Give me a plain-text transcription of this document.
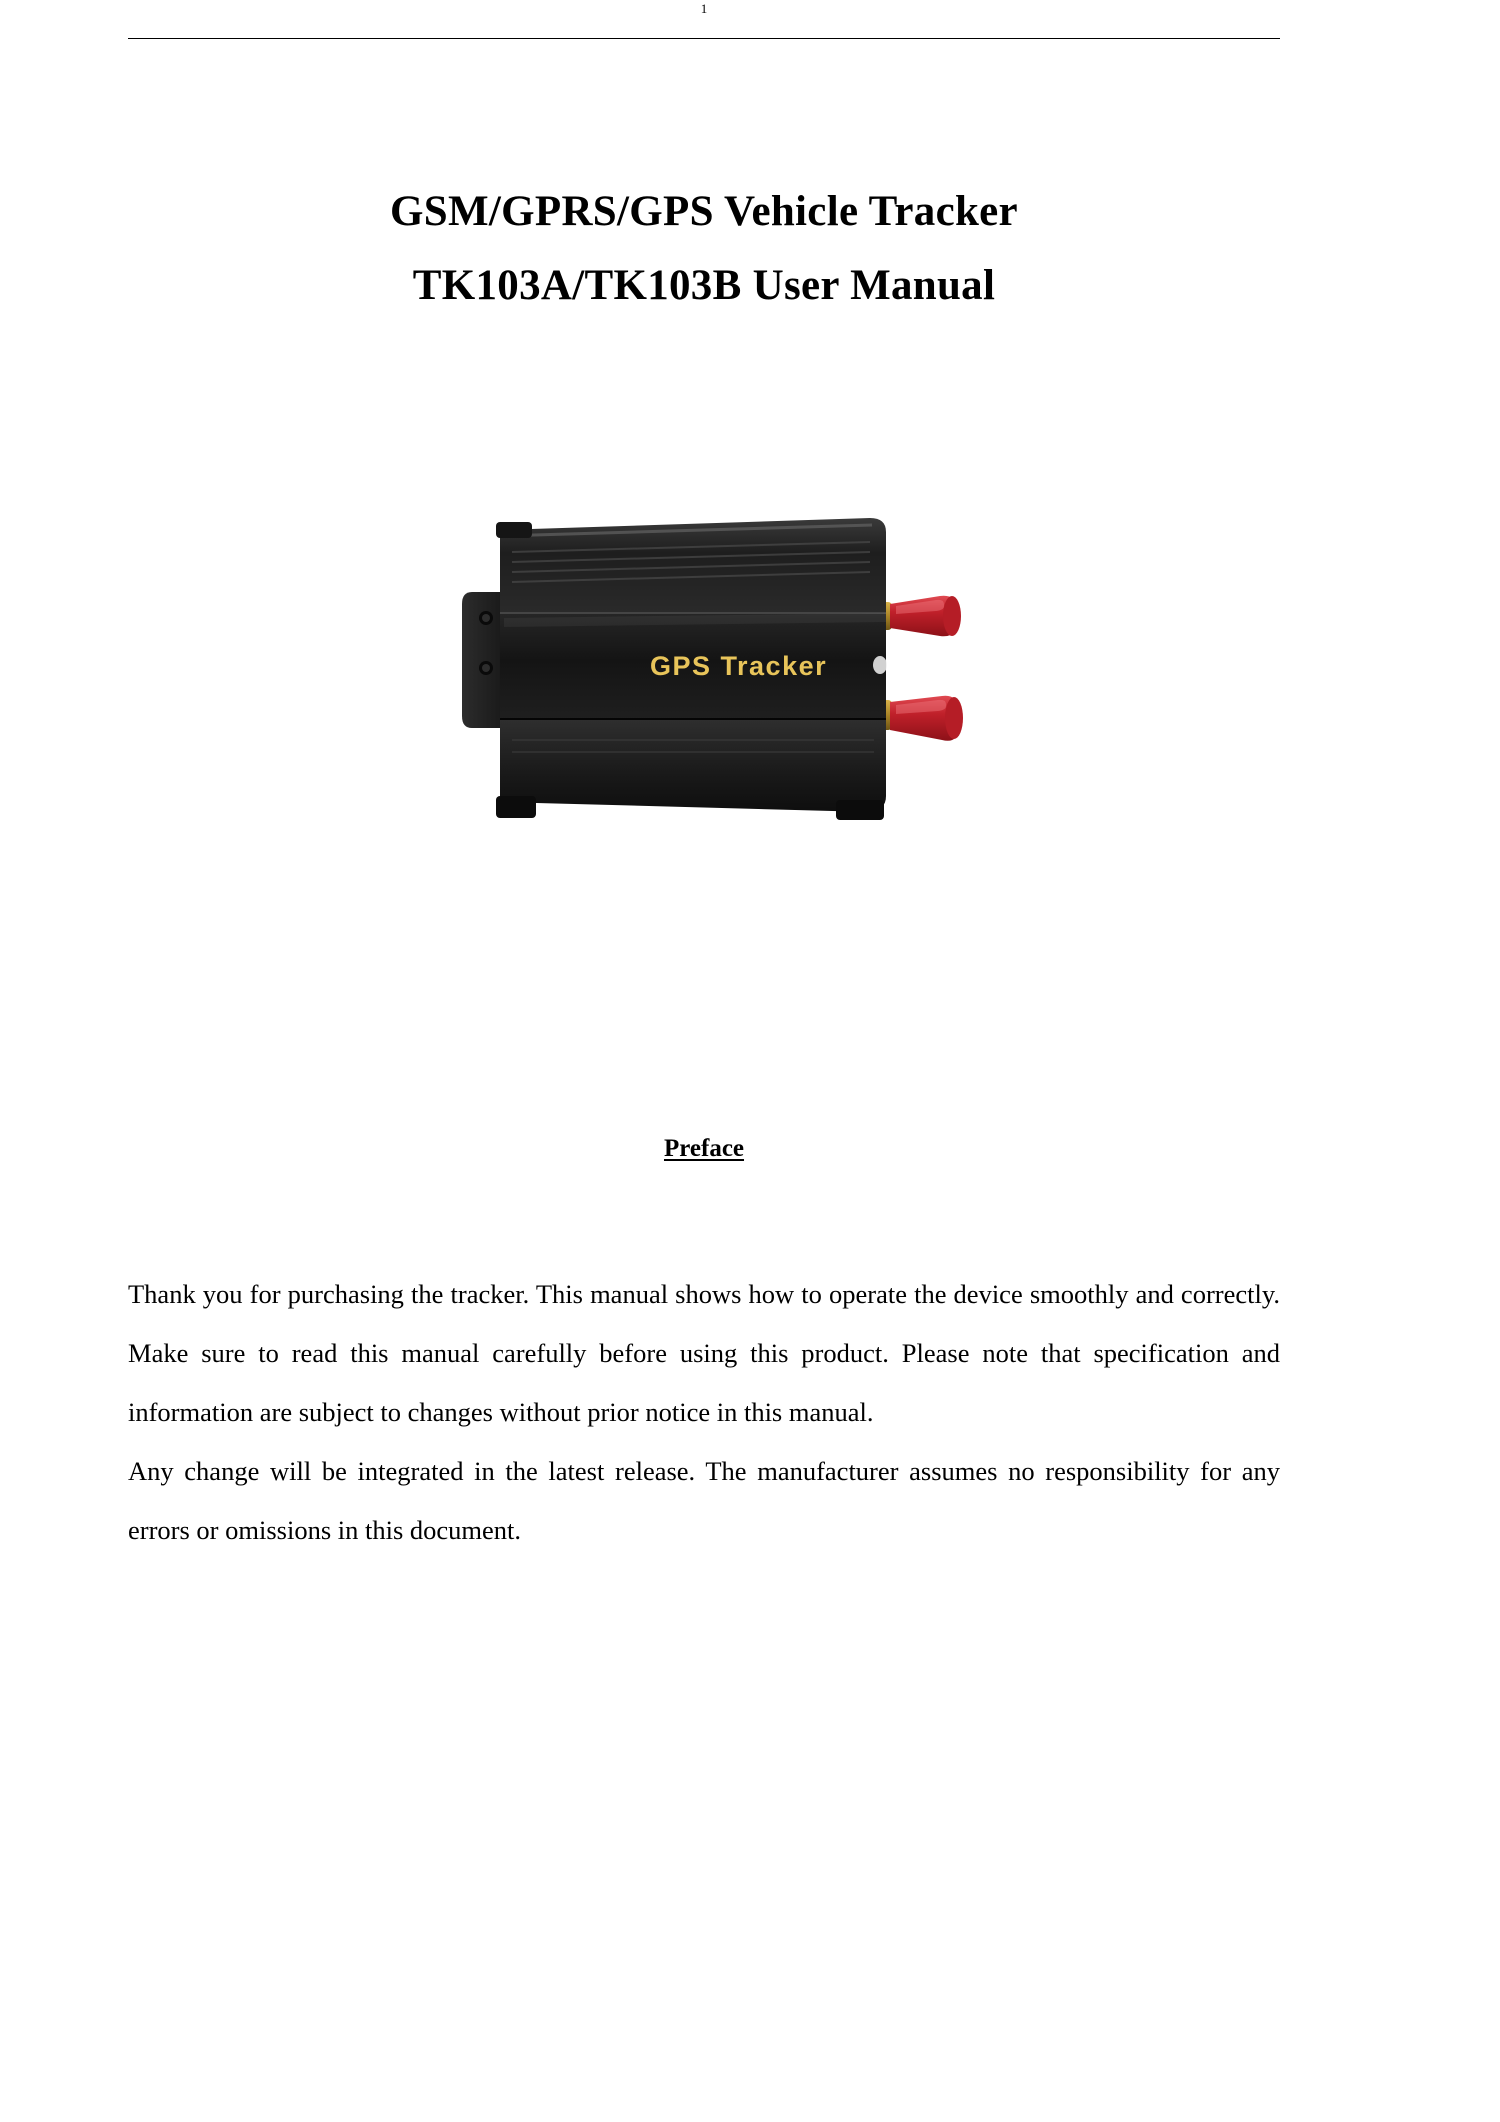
1
GSM/GPRS/GPS Vehicle Tracker
TK103A/TK103B User Manual
GPS Tracker
Preface

Thank you for purchasing the tracker. This manual shows how to operate the device smoothly and correctly. Make sure to read this manual carefully before using this product. Please note that specification and information are subject to changes without prior notice in this manual.

Any change will be integrated in the latest release. The manufacturer assumes no responsibility for any errors or omissions in this document.
